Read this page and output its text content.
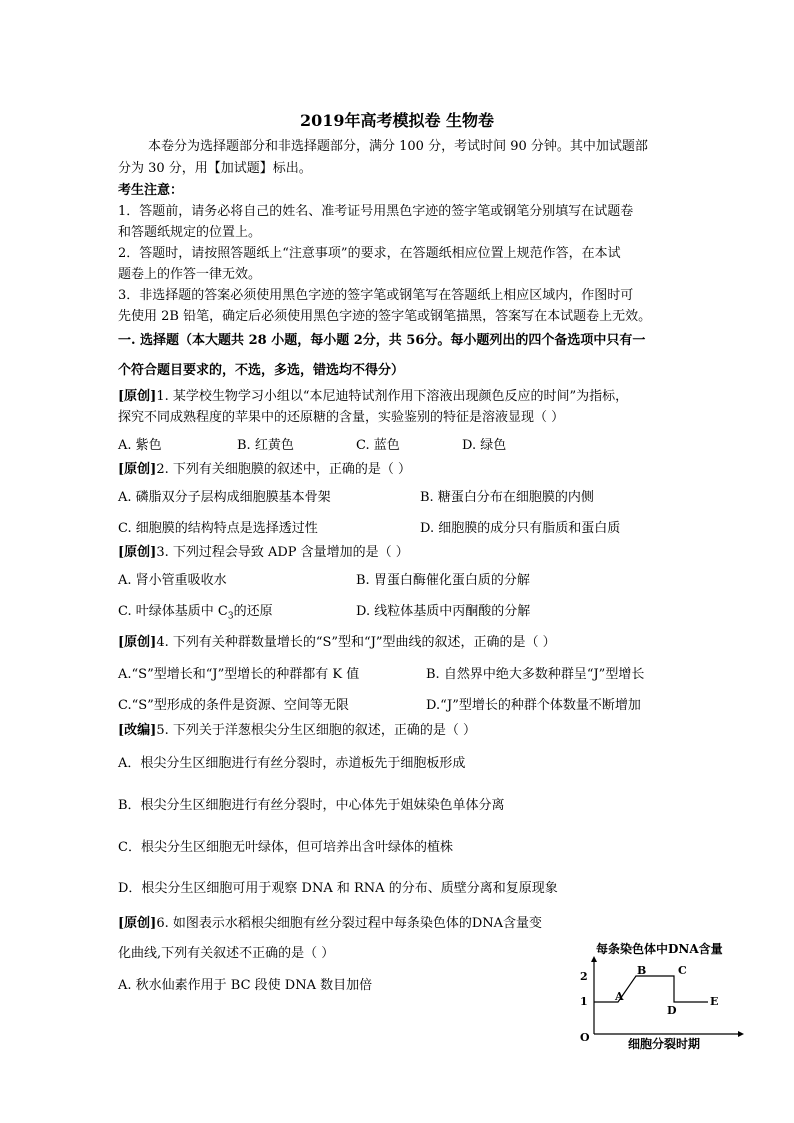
2019年高考模拟卷 生物卷
本卷分为选择题部分和非选择题部分，满分 100 分，考试时间 90 分钟。其中加试题部
分为 30 分，用【加试题】标出。
考生注意：
1．答题前，请务必将自己的姓名、准考证号用黑色字迹的签字笔或钢笔分别填写在试题卷
和答题纸规定的位置上。
2．答题时，请按照答题纸上“注意事项”的要求，在答题纸相应位置上规范作答，在本试
题卷上的作答一律无效。
3．非选择题的答案必须使用黑色字迹的签字笔或钢笔写在答题纸上相应区域内，作图时可
先使用 2B 铅笔，确定后必须使用黑色字迹的签字笔或钢笔描黑，答案写在本试题卷上无效。
一. 选择题（本大题共 28 小题，每小题 2分，共 56分。每小题列出的四个备选项中只有一
个符合题目要求的，不选，多选，错选均不得分）
[原创]1. 某学校生物学习小组以“本尼迪特试剂作用下溶液出现颜色反应的时间”为指标，
探究不同成熟程度的苹果中的还原糖的含量，实验鉴别的特征是溶液显现（ ）
A. 紫色	B. 红黄色	C. 蓝色	D. 绿色
[原创]2. 下列有关细胞膜的叙述中，正确的是（ ）
A. 磷脂双分子层构成细胞膜基本骨架	B. 糖蛋白分布在细胞膜的内侧
C. 细胞膜的结构特点是选择透过性	D. 细胞膜的成分只有脂质和蛋白质
[原创]3. 下列过程会导致 ADP 含量增加的是（ ）
A. 肾小管重吸收水	B. 胃蛋白酶催化蛋白质的分解
C. 叶绿体基质中 $C_3$的还原	D. 线粒体基质中丙酮酸的分解
[原创]4. 下列有关种群数量增长的“S”型和“J”型曲线的叙述，正确的是（ ）
A.“S”型增长和“J”型增长的种群都有 K 值	B. 自然界中绝大多数种群呈“J”型增长
C.“S”型形成的条件是资源、空间等无限	D.“J”型增长的种群个体数量不断增加
[改编]5. 下列关于洋葱根尖分生区细胞的叙述，正确的是（ ）
A．根尖分生区细胞进行有丝分裂时，赤道板先于细胞板形成
B．根尖分生区细胞进行有丝分裂时，中心体先于姐妹染色单体分离
C．根尖分生区细胞无叶绿体，但可培养出含叶绿体的植株
D．根尖分生区细胞可用于观察 DNA 和 RNA 的分布、质壁分离和复原现象
[原创]6. 如图表示水稻根尖细胞有丝分裂过程中每条染色体的DNA含量变
化曲线,下列有关叙述不正确的是（ ）
A. 秋水仙素作用于 BC 段使 DNA 数目加倍
每条染色体中DNA含量
2
1
O
A
B	C
D
E
细胞分裂时期
